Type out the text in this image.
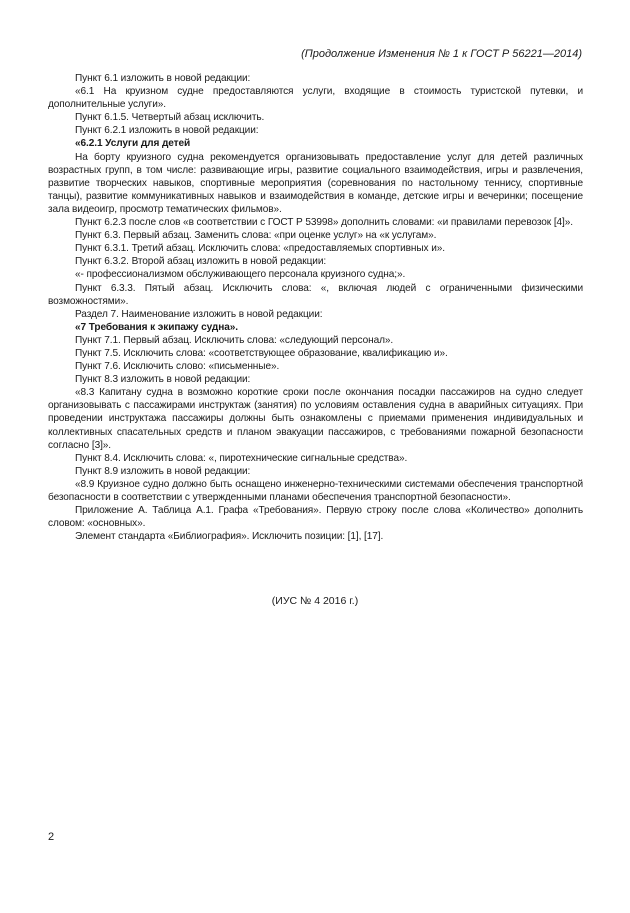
(Продолжение Изменения № 1 к ГОСТ Р 56221—2014)

Пункт 6.1 изложить в новой редакции:

«6.1 На круизном судне предоставляются услуги, входящие в стоимость туристской путевки, и дополнительные услуги».

Пункт 6.1.5. Четвертый абзац исключить.

Пункт 6.2.1 изложить в новой редакции:

«6.2.1 Услуги для детей

На борту круизного судна рекомендуется организовывать предоставление услуг для детей различных возрастных групп, в том числе: развивающие игры, развитие социального взаимодействия, игры и развлечения, развитие творческих навыков, спортивные мероприятия (соревнования по настольному теннису, спортивные танцы), развитие коммуникативных навыков и взаимодействия в команде, детские игры и вечеринки; посещение зала видеоигр, просмотр тематических фильмов».

Пункт 6.2.3 после слов «в соответствии с ГОСТ Р 53998» дополнить словами: «и правилами перевозок [4]».

Пункт 6.3. Первый абзац. Заменить слова: «при оценке услуг» на «к услугам».

Пункт 6.3.1. Третий абзац. Исключить слова: «предоставляемых спортивных и».

Пункт 6.3.2. Второй абзац изложить в новой редакции:

«- профессионализмом обслуживающего персонала круизного судна;».

Пункт 6.3.3. Пятый абзац. Исключить слова: «, включая людей с ограниченными физическими возможностями».

Раздел 7. Наименование изложить в новой редакции:

«7 Требования к экипажу судна».

Пункт 7.1. Первый абзац. Исключить слова: «следующий персонал».

Пункт 7.5. Исключить слова: «соответствующее образование, квалификацию и».

Пункт 7.6. Исключить слово: «письменные».

Пункт 8.3 изложить в новой редакции:

«8.3 Капитану судна в возможно короткие сроки после окончания посадки пассажиров на судно следует организовывать с пассажирами инструктаж (занятия) по условиям оставления судна в аварийных ситуациях. При проведении инструктажа пассажиры должны быть ознакомлены с приемами применения индивидуальных и коллективных спасательных средств и планом эвакуации пассажиров, с требованиями пожарной безопасности согласно [3]».

Пункт 8.4. Исключить слова: «, пиротехнические сигнальные средства».

Пункт 8.9 изложить в новой редакции:

«8.9 Круизное судно должно быть оснащено инженерно-техническими системами обеспечения транспортной безопасности в соответствии с утвержденными планами обеспечения транспортной безопасности».

Приложение А. Таблица А.1. Графа «Требования». Первую строку после слова «Количество» дополнить словом: «основных».

Элемент стандарта «Библиография». Исключить позиции: [1], [17].

(ИУС № 4 2016 г.)
2
